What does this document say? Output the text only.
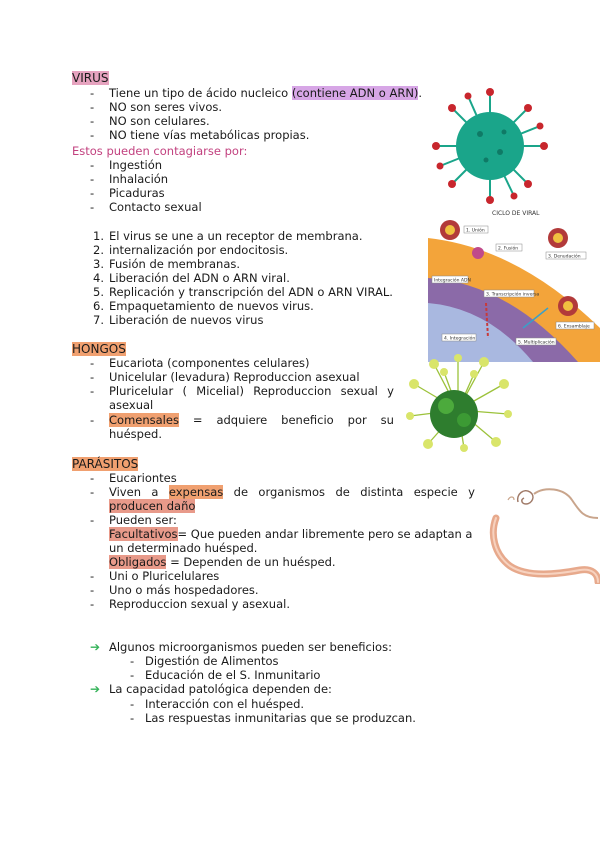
VIRUS
- Tiene un tipo de ácido nucleico (contiene ADN o ARN).
- NO son seres vivos.
- NO son celulares.
- NO tiene vías metabólicas propias.
Estos pueden contagiarse por:
- Ingestión
- Inhalación
- Picaduras
- Contacto sexual
1. El virus se une a un receptor de membrana.
2. internalización por endocitosis.
3. Fusión de membranas.
4. Liberación del ADN o ARN viral.
5. Replicación y transcripción del ADN o ARN VIRAL.
6. Empaquetamiento de nuevos virus.
7. Liberación de nuevos virus
HONGOS
- Eucariota (componentes celulares)
- Unicelular (levadura) Reproduccion asexual
- Pluricelular ( Micelial) Reproduccion sexual y
asexual
- Comensales = adquiere beneficio por su
huésped.
PARÁSITOS
- Eucariontes
- Viven a expensas de organismos de distinta especie y
producen daño
- Pueden ser:
Facultativos= Que pueden andar libremente pero se adaptan a
un determinado huésped.
Obligados = Dependen de un huésped.
- Uni o Pluricelulares
- Uno o más hospedadores.
- Reproduccion sexual y asexual.
➔ Algunos microorganismos pueden ser beneficios:
- Digestión de Alimentos
- Educación de el S. Inmunitario
➔ La capacidad patológica dependen de:
- Interacción con el huésped.
- Las respuestas inmunitarias que se produzcan.
CICLO DE VIRAL
1. Unión
2. Fusión
3. Denudación
Integración ADN
3. Transcripción inversa
4. Integración
5. Multiplicación
6. Ensamblaje
